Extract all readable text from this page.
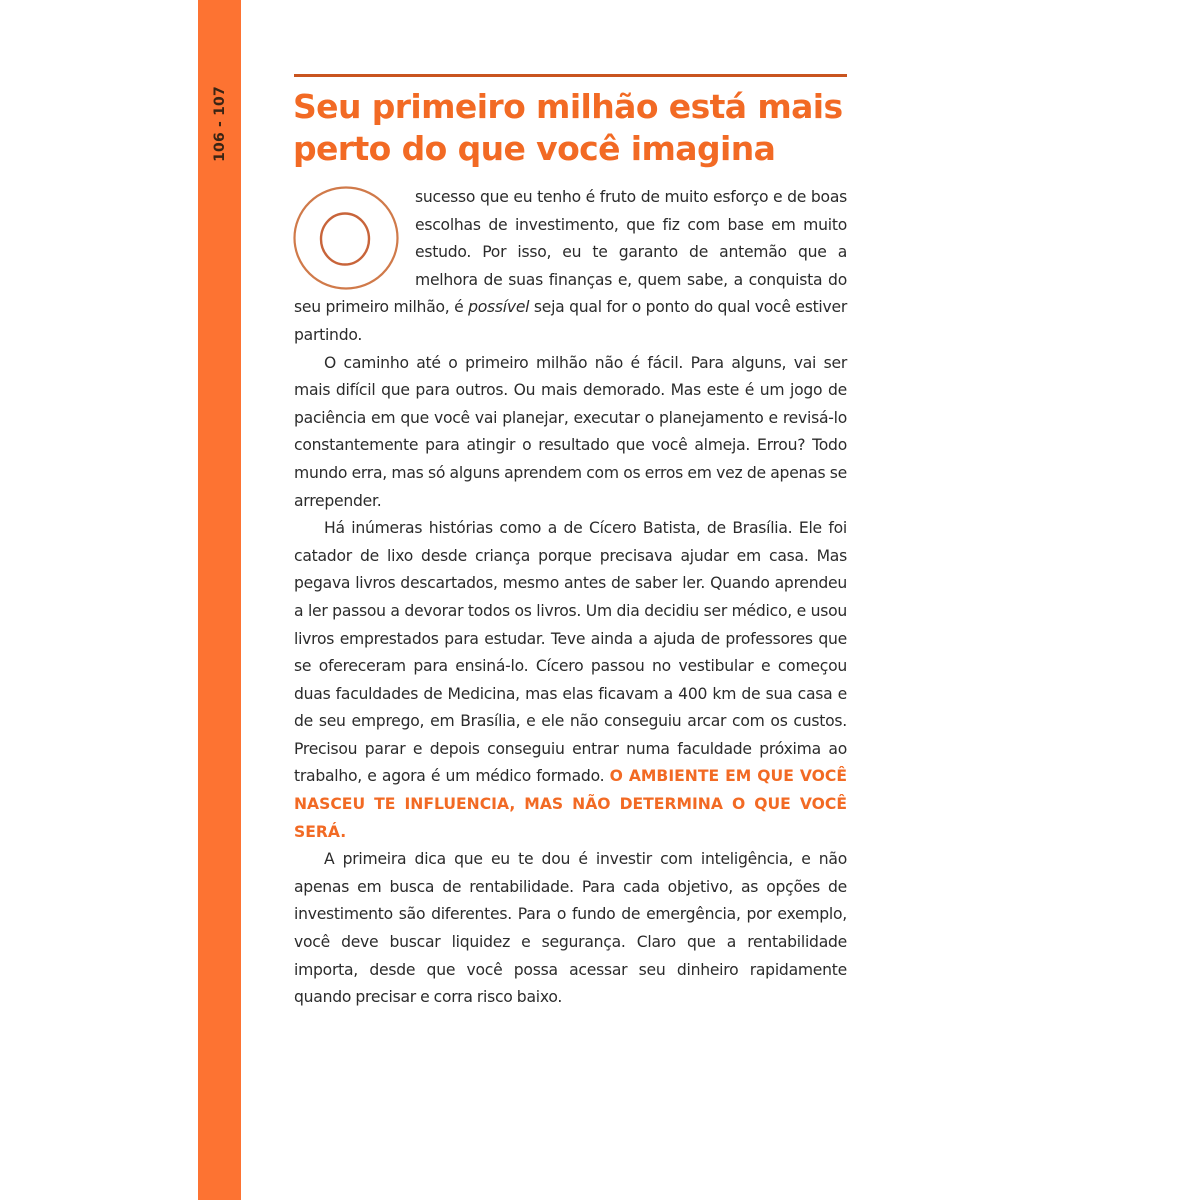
106 - 107 Seu primeiro milhão está mais perto do que você imagina

sucesso que eu tenho é fruto de muito esforço e de boas escolhas de investimento, que fiz com base em muito estudo. Por isso, eu te garanto de antemão que a melhora de suas finanças e, quem sabe, a conquista do seu primeiro milhão, é possível seja qual for o ponto do qual você estiver partindo.

O caminho até o primeiro milhão não é fácil. Para alguns, vai ser mais difícil que para outros. Ou mais demorado. Mas este é um jogo de paciência em que você vai planejar, executar o planejamento e revisá-lo constantemente para atingir o resultado que você almeja. Errou? Todo mundo erra, mas só alguns aprendem com os erros em vez de apenas se arrepender.

Há inúmeras histórias como a de Cícero Batista, de Brasília. Ele foi catador de lixo desde criança porque precisava ajudar em casa. Mas pegava livros descartados, mesmo antes de saber ler. Quando aprendeu a ler passou a devorar todos os livros. Um dia decidiu ser médico, e usou livros emprestados para estudar. Teve ainda a ajuda de professores que se ofereceram para ensiná-lo. Cícero passou no vestibular e começou duas faculdades de Medicina, mas elas ficavam a 400 km de sua casa e de seu emprego, em Brasília, e ele não conseguiu arcar com os custos. Precisou parar e depois conseguiu entrar numa faculdade próxima ao trabalho, e agora é um médico formado. O AMBIENTE EM QUE VOCÊ NASCEU TE INFLUENCIA, MAS NÃO DETERMINA O QUE VOCÊ SERÁ.

A primeira dica que eu te dou é investir com inteligência, e não apenas em busca de rentabilidade. Para cada objetivo, as opções de investimento são diferentes. Para o fundo de emergência, por exemplo, você deve buscar liquidez e segurança. Claro que a rentabilidade importa, desde que você possa acessar seu dinheiro rapidamente quando precisar e corra risco baixo.
